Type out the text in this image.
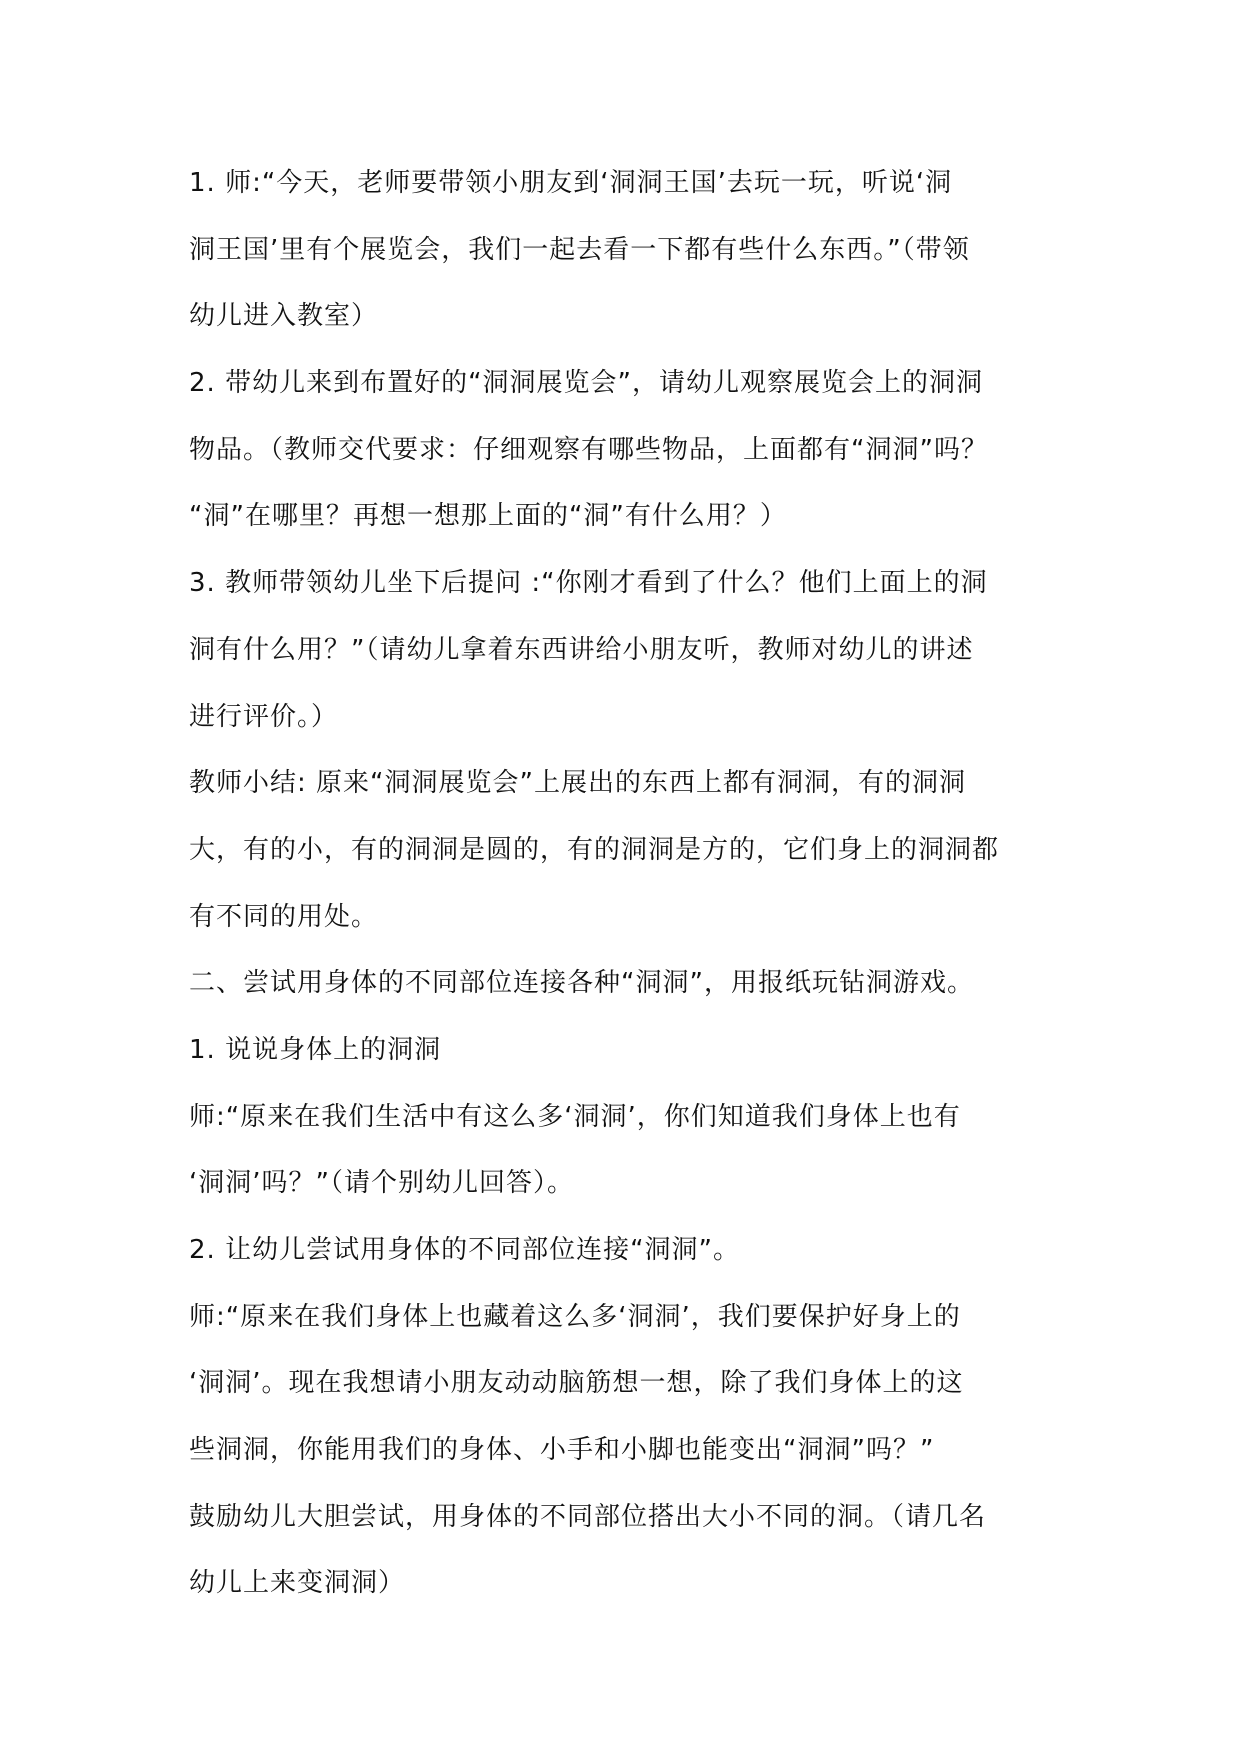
1. 师:“今天，老师要带领小朋友到‘洞洞王国’去玩一玩，听说‘洞
洞王国’里有个展览会，我们一起去看一下都有些什么东西。”（带领
幼儿进入教室）
2. 带幼儿来到布置好的“洞洞展览会”，请幼儿观察展览会上的洞洞
物品。（教师交代要求：仔细观察有哪些物品，上面都有“洞洞”吗？
“洞”在哪里？再想一想那上面的“洞”有什么用？）
3. 教师带领幼儿坐下后提问 :“你刚才看到了什么？他们上面上的洞
洞有什么用？”（请幼儿拿着东西讲给小朋友听，教师对幼儿的讲述
进行评价。）
教师小结: 原来“洞洞展览会”上展出的东西上都有洞洞，有的洞洞
大，有的小，有的洞洞是圆的，有的洞洞是方的，它们身上的洞洞都
有不同的用处。
二、尝试用身体的不同部位连接各种“洞洞”，用报纸玩钻洞游戏。
1. 说说身体上的洞洞
师:“原来在我们生活中有这么多‘洞洞’，你们知道我们身体上也有
‘洞洞’吗？”（请个别幼儿回答）。
2. 让幼儿尝试用身体的不同部位连接“洞洞”。
师:“原来在我们身体上也藏着这么多‘洞洞’，我们要保护好身上的
‘洞洞’。现在我想请小朋友动动脑筋想一想，除了我们身体上的这
些洞洞，你能用我们的身体、小手和小脚也能变出“洞洞”吗？”
鼓励幼儿大胆尝试，用身体的不同部位搭出大小不同的洞。（请几名
幼儿上来变洞洞）
